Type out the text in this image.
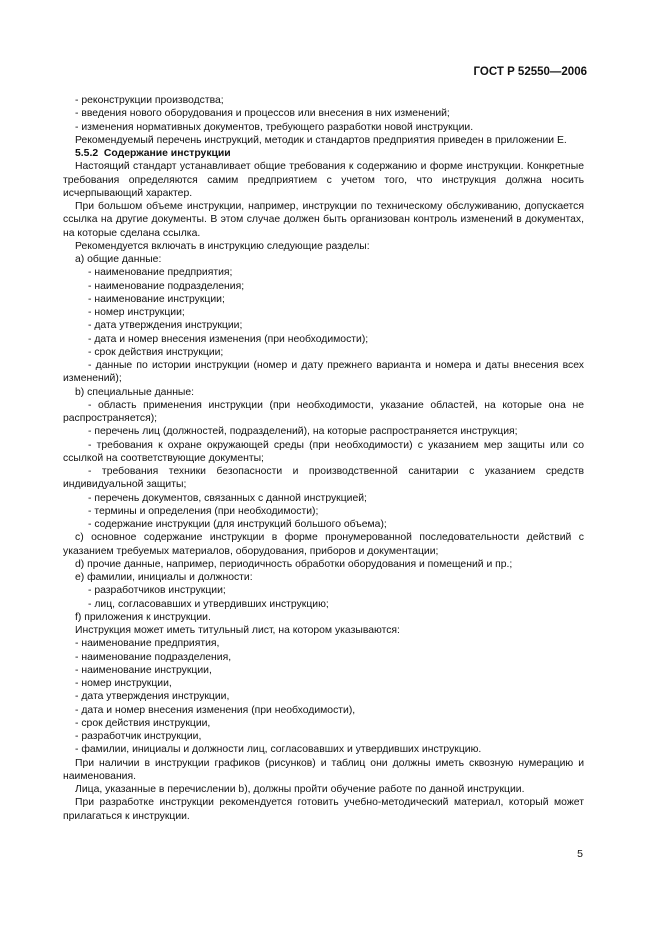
ГОСТ Р 52550—2006

- реконструкции производства;

- введения нового оборудования и процессов или внесения в них изменений;

- изменения нормативных документов, требующего разработки новой инструкции.

Рекомендуемый перечень инструкций, методик и стандартов предприятия приведен в приложении Е.

5.5.2 Содержание инструкции

Настоящий стандарт устанавливает общие требования к содержанию и форме инструкции. Конкретные требования определяются самим предприятием с учетом того, что инструкция должна носить исчерпывающий характер.

При большом объеме инструкции, например, инструкции по техническому обслуживанию, допускается ссылка на другие документы. В этом случае должен быть организован контроль изменений в документах, на которые сделана ссылка.

Рекомендуется включать в инструкцию следующие разделы:

a) общие данные:

- наименование предприятия;

- наименование подразделения;

- наименование инструкции;

- номер инструкции;

- дата утверждения инструкции;

- дата и номер внесения изменения (при необходимости);

- срок действия инструкции;

- данные по истории инструкции (номер и дату прежнего варианта и номера и даты внесения всех изменений);

b) специальные данные:

- область применения инструкции (при необходимости, указание областей, на которые она не распространяется);

- перечень лиц (должностей, подразделений), на которые распространяется инструкция;

- требования к охране окружающей среды (при необходимости) с указанием мер защиты или со ссылкой на соответствующие документы;

- требования техники безопасности и производственной санитарии с указанием средств индивидуальной защиты;

- перечень документов, связанных с данной инструкцией;

- термины и определения (при необходимости);

- содержание инструкции (для инструкций большого объема);

c) основное содержание инструкции в форме пронумерованной последовательности действий с указанием требуемых материалов, оборудования, приборов и документации;

d) прочие данные, например, периодичность обработки оборудования и помещений и пр.;

e) фамилии, инициалы и должности:

- разработчиков инструкции;

- лиц, согласовавших и утвердивших инструкцию;

f) приложения к инструкции.

Инструкция может иметь титульный лист, на котором указываются:

- наименование предприятия,

- наименование подразделения,

- наименование инструкции,

- номер инструкции,

- дата утверждения инструкции,

- дата и номер внесения изменения (при необходимости),

- срок действия инструкции,

- разработчик инструкции,

- фамилии, инициалы и должности лиц, согласовавших и утвердивших инструкцию.

При наличии в инструкции графиков (рисунков) и таблиц они должны иметь сквозную нумерацию и наименования.

Лица, указанные в перечислении b), должны пройти обучение работе по данной инструкции.

При разработке инструкции рекомендуется готовить учебно-методический материал, который может прилагаться к инструкции.

5
